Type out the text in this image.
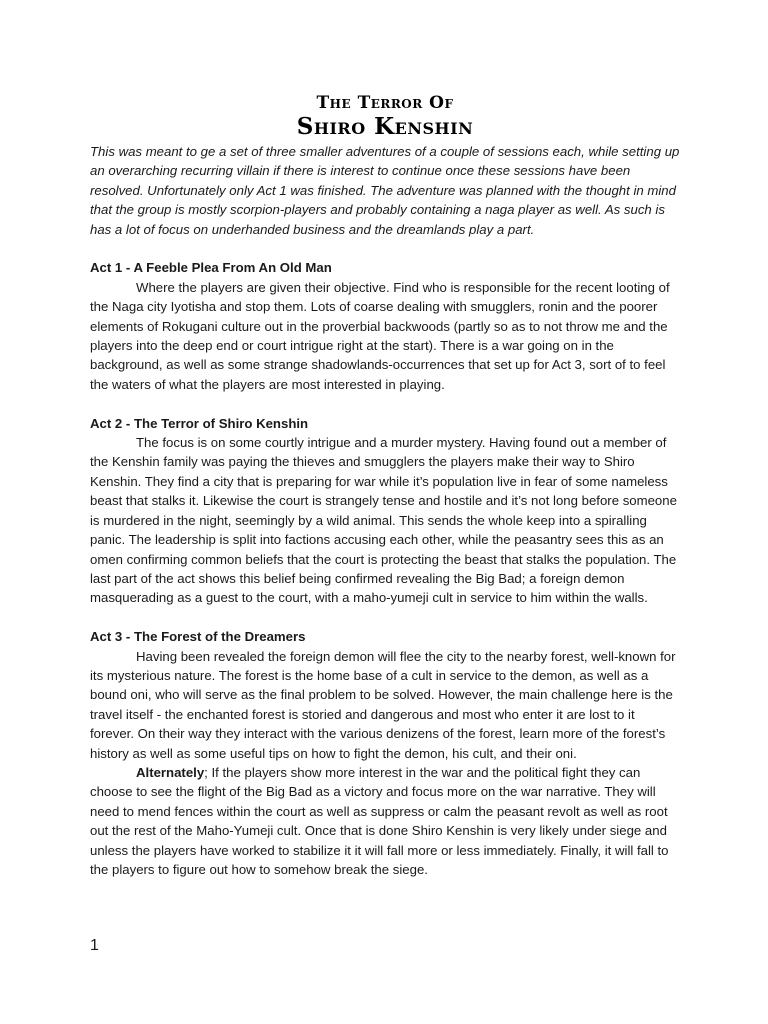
The Terror Of
Shiro Kenshin

This was meant to ge a set of three smaller adventures of a couple of sessions each, while setting up an overarching recurring villain if there is interest to continue once these sessions have been resolved. Unfortunately only Act 1 was finished. The adventure was planned with the thought in mind that the group is mostly scorpion-players and probably containing a naga player as well. As such is has a lot of focus on underhanded business and the dreamlands play a part.

Act 1 - A Feeble Plea From An Old Man

Where the players are given their objective. Find who is responsible for the recent looting of the Naga city Iyotisha and stop them. Lots of coarse dealing with smugglers, ronin and the poorer elements of Rokugani culture out in the proverbial backwoods (partly so as to not throw me and the players into the deep end or court intrigue right at the start). There is a war going on in the background, as well as some strange shadowlands-occurrences that set up for Act 3, sort of to feel the waters of what the players are most interested in playing.

Act 2 - The Terror of Shiro Kenshin

The focus is on some courtly intrigue and a murder mystery. Having found out a member of the Kenshin family was paying the thieves and smugglers the players make their way to Shiro Kenshin. They find a city that is preparing for war while it’s population live in fear of some nameless beast that stalks it. Likewise the court is strangely tense and hostile and it’s not long before someone is murdered in the night, seemingly by a wild animal. This sends the whole keep into a spiralling panic. The leadership is split into factions accusing each other, while the peasantry sees this as an omen confirming common beliefs that the court is protecting the beast that stalks the population. The last part of the act shows this belief being confirmed revealing the Big Bad; a foreign demon masquerading as a guest to the court, with a maho-yumeji cult in service to him within the walls.

Act 3 - The Forest of the Dreamers

Having been revealed the foreign demon will flee the city to the nearby forest, well-known for its mysterious nature. The forest is the home base of a cult in service to the demon, as well as a bound oni, who will serve as the final problem to be solved. However, the main challenge here is the travel itself - the enchanted forest is storied and dangerous and most who enter it are lost to it forever. On their way they interact with the various denizens of the forest, learn more of the forest’s history as well as some useful tips on how to fight the demon, his cult, and their oni.

Alternately; If the players show more interest in the war and the political fight they can choose to see the flight of the Big Bad as a victory and focus more on the war narrative. They will need to mend fences within the court as well as suppress or calm the peasant revolt as well as root out the rest of the Maho-Yumeji cult. Once that is done Shiro Kenshin is very likely under siege and unless the players have worked to stabilize it it will fall more or less immediately. Finally, it will fall to the players to figure out how to somehow break the siege.

1
